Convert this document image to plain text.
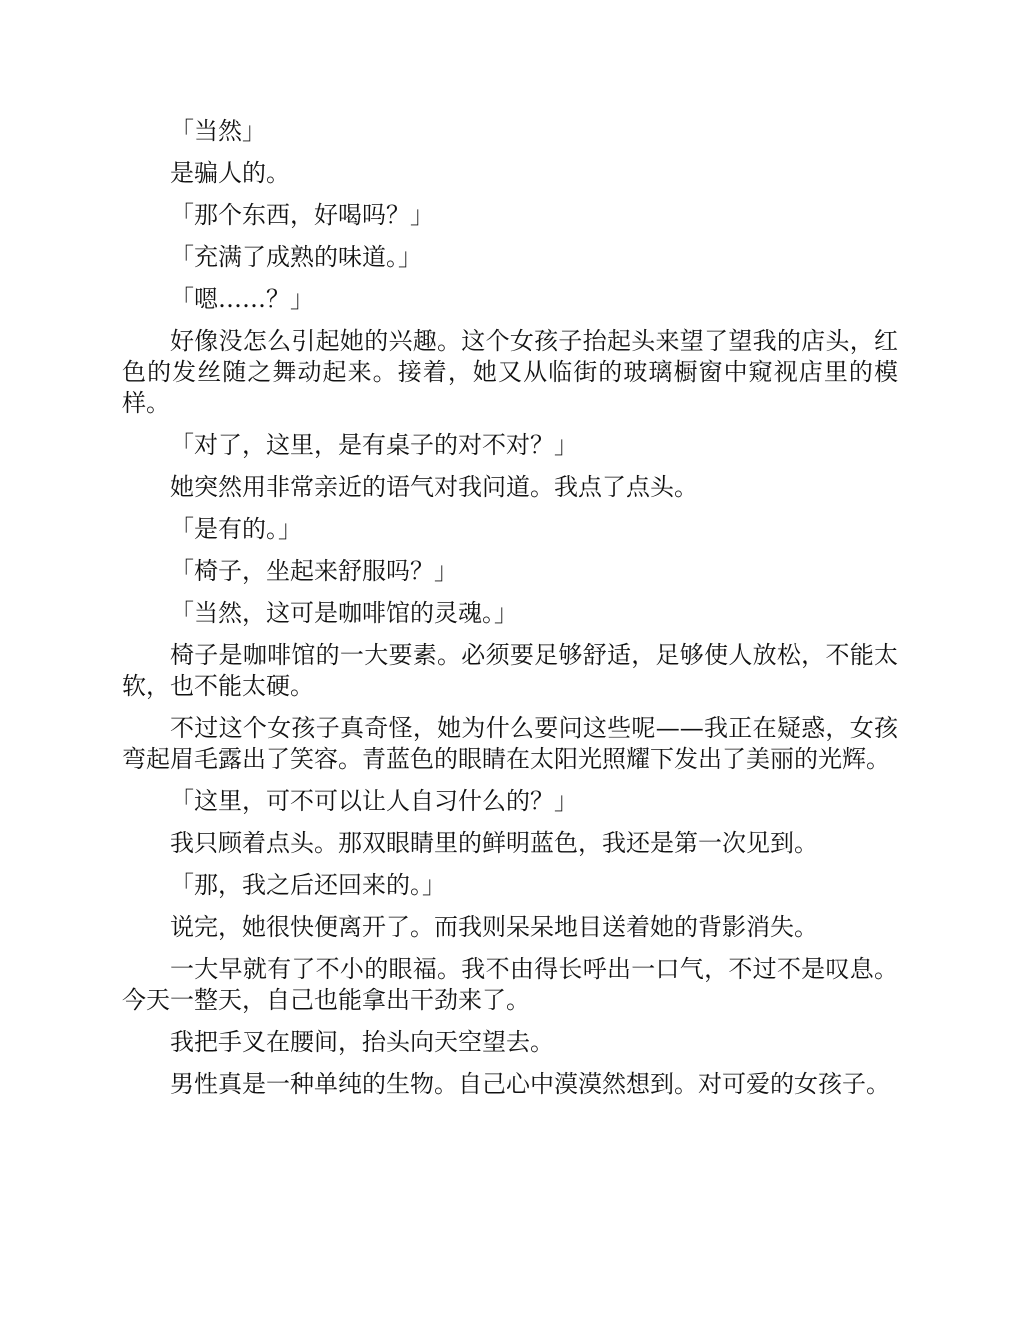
「当然」

是骗人的。

「那个东西，好喝吗？」

「充满了成熟的味道。」

「嗯……？」

好像没怎么引起她的兴趣。这个女孩子抬起头来望了望我的店头，红色的发丝随之舞动起来。接着，她又从临街的玻璃橱窗中窥视店里的模样。

「对了，这里，是有桌子的对不对？」

她突然用非常亲近的语气对我问道。我点了点头。

「是有的。」

「椅子，坐起来舒服吗？」

「当然，这可是咖啡馆的灵魂。」

椅子是咖啡馆的一大要素。必须要足够舒适，足够使人放松，不能太软，也不能太硬。

不过这个女孩子真奇怪，她为什么要问这些呢——我正在疑惑，女孩弯起眉毛露出了笑容。青蓝色的眼睛在太阳光照耀下发出了美丽的光辉。

「这里，可不可以让人自习什么的？」

我只顾着点头。那双眼睛里的鲜明蓝色，我还是第一次见到。

「那，我之后还回来的。」

说完，她很快便离开了。而我则呆呆地目送着她的背影消失。

一大早就有了不小的眼福。我不由得长呼出一口气，不过不是叹息。今天一整天，自己也能拿出干劲来了。

我把手叉在腰间，抬头向天空望去。

男性真是一种单纯的生物。自己心中漠漠然想到。对可爱的女孩子。
